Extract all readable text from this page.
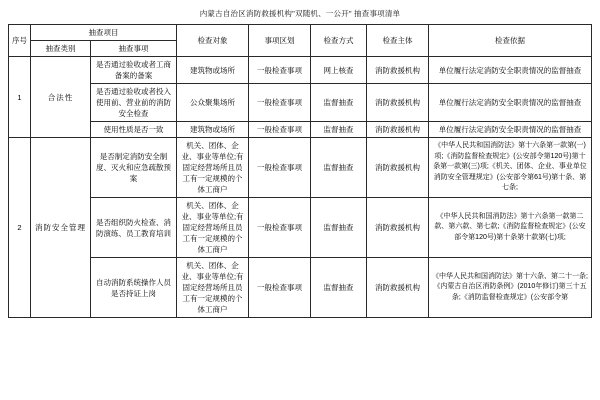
内蒙古自治区消防救援机构"双随机、一公开" 抽查事项清单
序号	抽查项目		检查对象	事项区划	检查方式	检查主体	检查依据
	抽查类别	抽查事项					
1	合法性	是否通过验收或者工商备案的备案	建筑物或场所	一般检查事项	网上核查	消防救援机构	单位履行法定消防安全职责情况的监督抽查
		是否通过验收或者投入使用前、营业前的消防安全检查	公众聚集场所	一般检查事项	监督抽查	消防救援机构	单位履行法定消防安全职责情况的监督抽查
		使用性质是否一致	建筑物或场所	一般检查事项	监督抽查	消防救援机构	单位履行法定消防安全职责情况的监督抽查
2	消防安全管理	是否制定消防安全制度、灭火和应急疏散预案	机关、团体、企业、事业等单位;有固定经营场所且员工有一定规模的个体工商户	一般检查事项	监督抽查	消防救援机构	《中华人民共和国消防法》第十六条第一款第(一)项;《消防监督检查规定》(公安部令第120号)第十条第一款第(三)项;《机关、团体、企业、事业单位消防安全管理规定》(公安部令第61号)第十条、第七条;
		是否组织防火检查、消防演练、员工教育培训	机关、团体、企业、事业等单位;有固定经营场所且员工有一定规模的个体工商户	一般检查事项	监督抽查	消防救援机构	《中华人民共和国消防法》第十六条第一款第二款、第六款、第七款;《消防监督检查规定》(公安部令第120号)第十条第十款第(七)项;
		自动消防系统操作人员是否持证上岗	机关、团体、企业、事业等单位;有固定经营场所且员工有一定规模的个体工商户	一般检查事项	监督抽查	消防救援机构	《中华人民共和国消防法》第十六条、第二十一条;《内蒙古自治区消防条例》(2010年修订)第三十五条;《消防监督检查规定》(公安部令第
